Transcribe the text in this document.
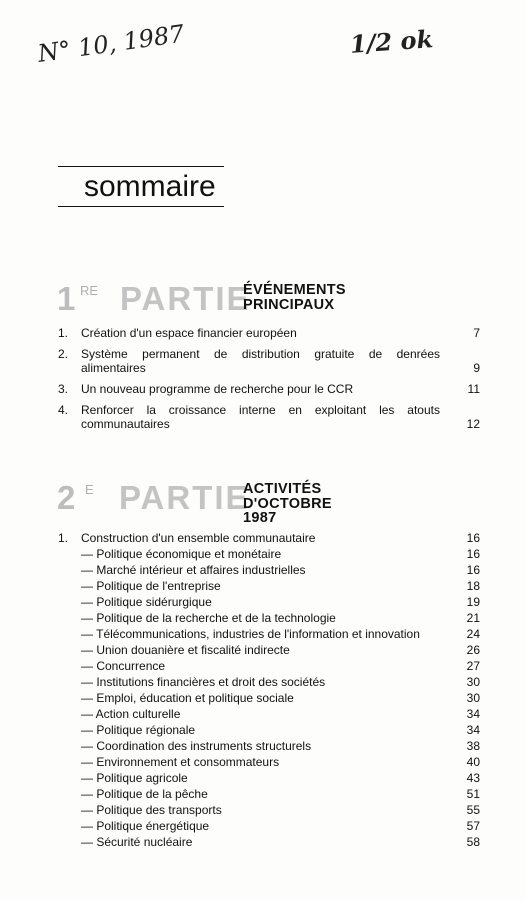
N° 10, 1987	1/2 ok
sommaire
1 RE PARTIE
ÉVÉNEMENTS
PRINCIPAUX
1.	Création d'un espace financier européen	7
2.	Système permanent de distribution gratuite de denrées alimentaires	9
3.	Un nouveau programme de recherche pour le CCR	11
4.	Renforcer la croissance interne en exploitant les atouts communautaires	12
2 E PARTIE
ACTIVITÉS
D'OCTOBRE 1987
1.	Construction d'un ensemble communautaire	16
— Politique économique et monétaire	16
— Marché intérieur et affaires industrielles	16
— Politique de l'entreprise	18
— Politique sidérurgique	19
— Politique de la recherche et de la technologie	21
— Télécommunications, industries de l'information et innovation	24
— Union douanière et fiscalité indirecte	26
— Concurrence	27
— Institutions financières et droit des sociétés	30
— Emploi, éducation et politique sociale	30
— Action culturelle	34
— Politique régionale	34
— Coordination des instruments structurels	38
— Environnement et consommateurs	40
— Politique agricole	43
— Politique de la pêche	51
— Politique des transports	55
— Politique énergétique	57
— Sécurité nucléaire	58
